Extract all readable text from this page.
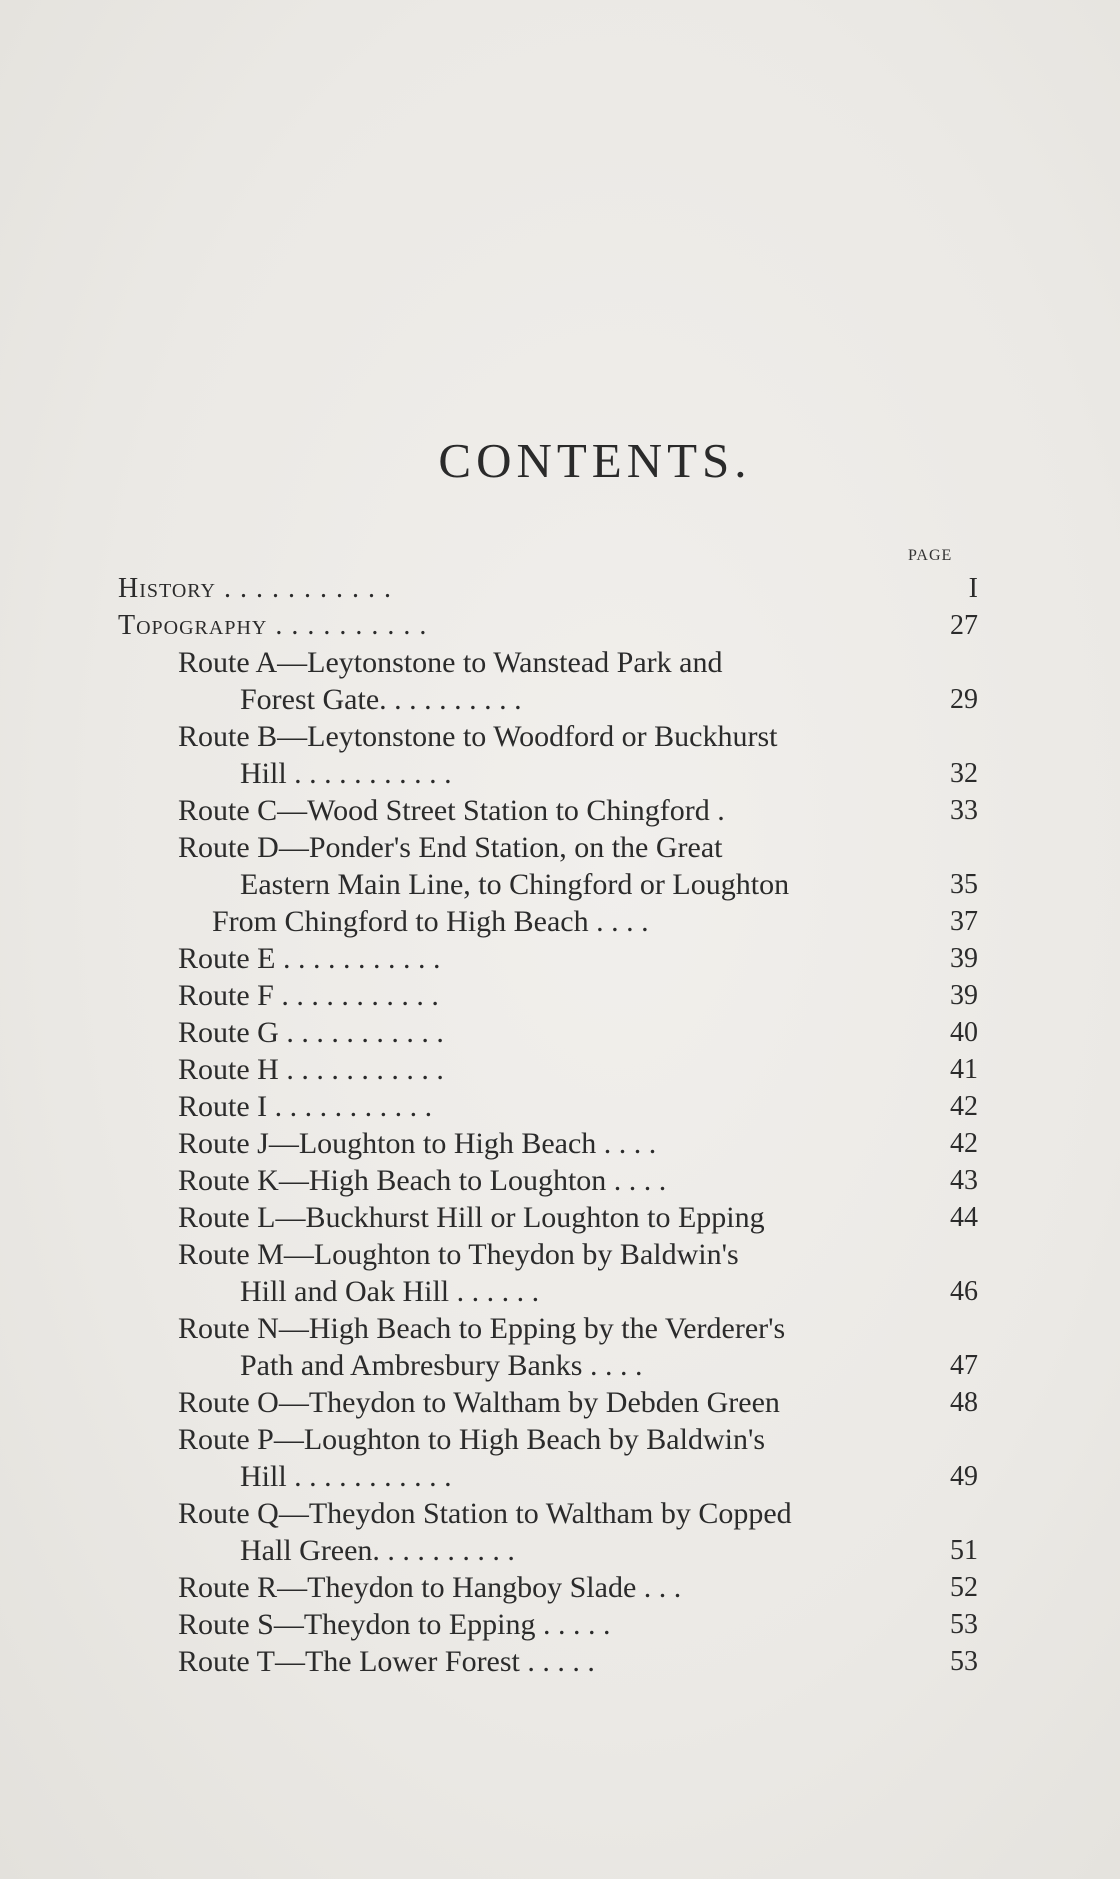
CONTENTS.
PAGE
History . . . . . . . . . . .	I
Topography . . . . . . . . . .	27
Route A—Leytonstone to Wanstead Park and
Forest Gate. . . . . . . . . .	29
Route B—Leytonstone to Woodford or Buckhurst
Hill . . . . . . . . . . .	32
Route C—Wood Street Station to Chingford .	33
Route D—Ponder's End Station, on the Great
Eastern Main Line, to Chingford or Loughton	35
From Chingford to High Beach . . . .	37
Route E . . . . . . . . . . .	39
Route F . . . . . . . . . . .	39
Route G . . . . . . . . . . .	40
Route H . . . . . . . . . . .	41
Route I . . . . . . . . . . .	42
Route J—Loughton to High Beach . . . .	42
Route K—High Beach to Loughton . . . .	43
Route L—Buckhurst Hill or Loughton to Epping	44
Route M—Loughton to Theydon by Baldwin's
Hill and Oak Hill . . . . . .	46
Route N—High Beach to Epping by the Verderer's
Path and Ambresbury Banks . . . .	47
Route O—Theydon to Waltham by Debden Green	48
Route P—Loughton to High Beach by Baldwin's
Hill . . . . . . . . . . .	49
Route Q—Theydon Station to Waltham by Copped
Hall Green. . . . . . . . . .	51
Route R—Theydon to Hangboy Slade . . .	52
Route S—Theydon to Epping . . . . .	53
Route T—The Lower Forest . . . . .	53
